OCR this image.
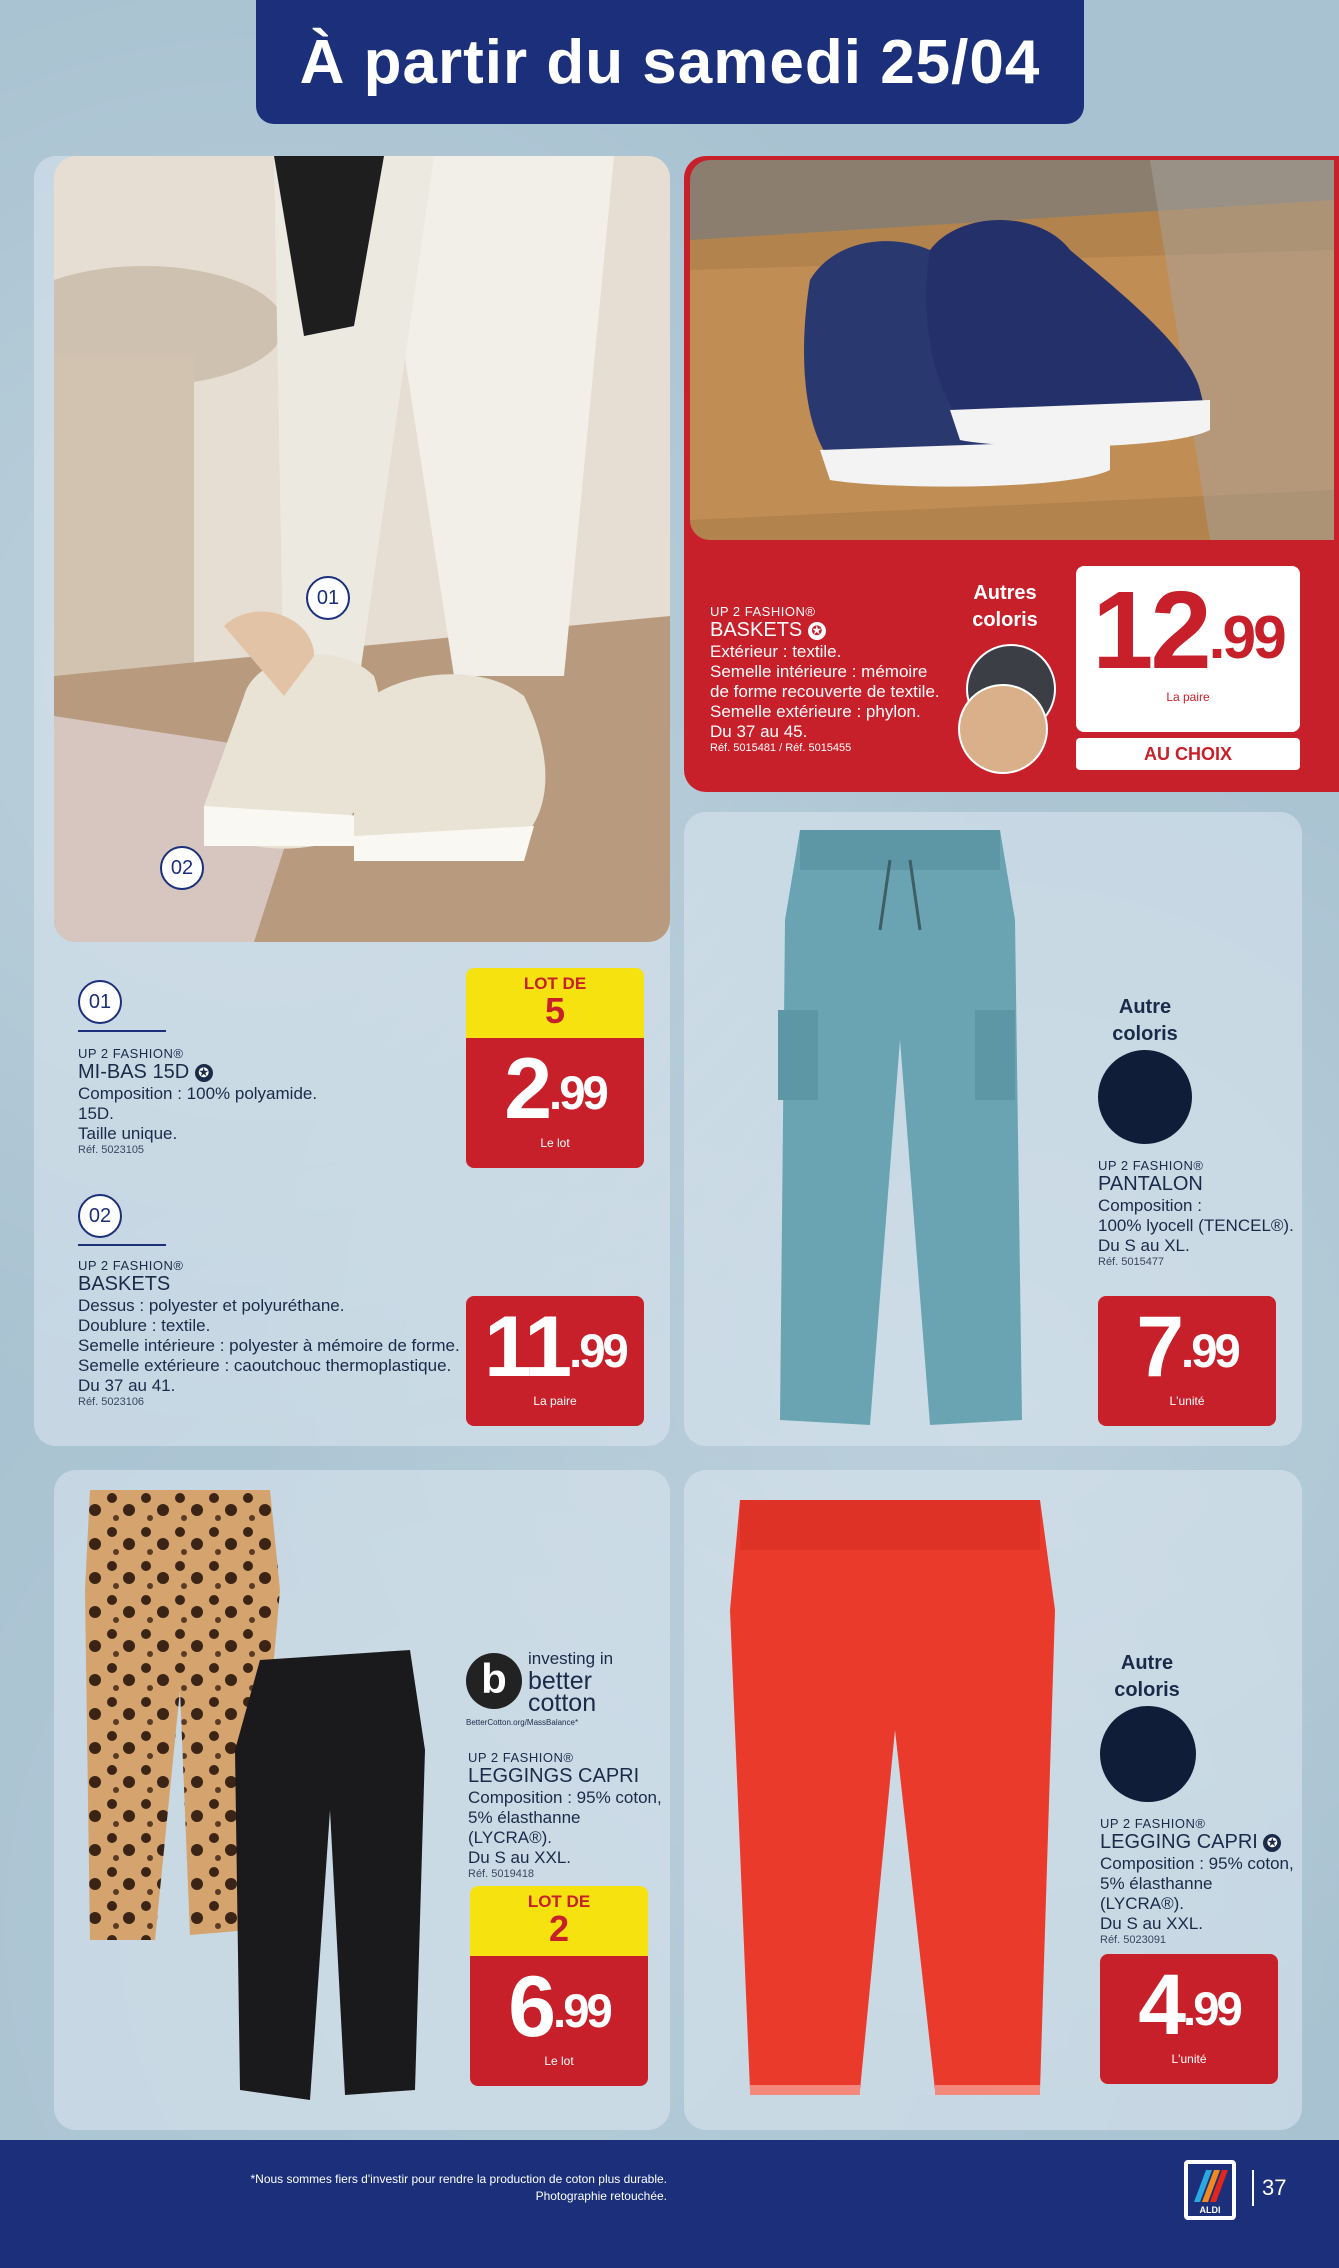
À partir du samedi 25/04
01
02
01
UP 2 FASHION®
MI-BAS 15D ✪
Composition : 100% polyamide.
15D.
Taille unique.
Réf. 5023105
LOT DE
5
$2^{.99}$
Le lot
02
UP 2 FASHION®
BASKETS
Dessus : polyester et polyuréthane.
Doublure : textile.
Semelle intérieure : polyester à mémoire de forme.
Semelle extérieure : caoutchouc thermoplastique.
Du 37 au 41.
Réf. 5023106
$11^{.99}$
La paire
UP 2 FASHION®
BASKETS ✪
Extérieur : textile.
Semelle intérieure : mémoire
de forme recouverte de textile.
Semelle extérieure : phylon.
Du 37 au 45.
Réf. 5015481 / Réf. 5015455
Autres
coloris $12^{.99}$
La paire
AU CHOIX
Autre
coloris
UP 2 FASHION®
PANTALON
Composition :
100% lyocell (TENCEL®).
Du S au XL.
Réf. 5015477
$7^{.99}$
L'unité
b	investing in
better
cotton
BetterCotton.org/MassBalance*
UP 2 FASHION®
LEGGINGS CAPRI
Composition : 95% coton,
5% élasthanne (LYCRA®).
Du S au XXL.
Réf. 5019418
LOT DE
2
$6^{.99}$
Le lot
Autre
coloris
UP 2 FASHION®
LEGGING CAPRI ✪
Composition : 95% coton,
5% élasthanne (LYCRA®).
Du S au XXL.
Réf. 5023091
$4^{.99}$
L'unité
*Nous sommes fiers d'investir pour rendre la production de coton plus durable.
Photographie retouchée.
ALDI
37
